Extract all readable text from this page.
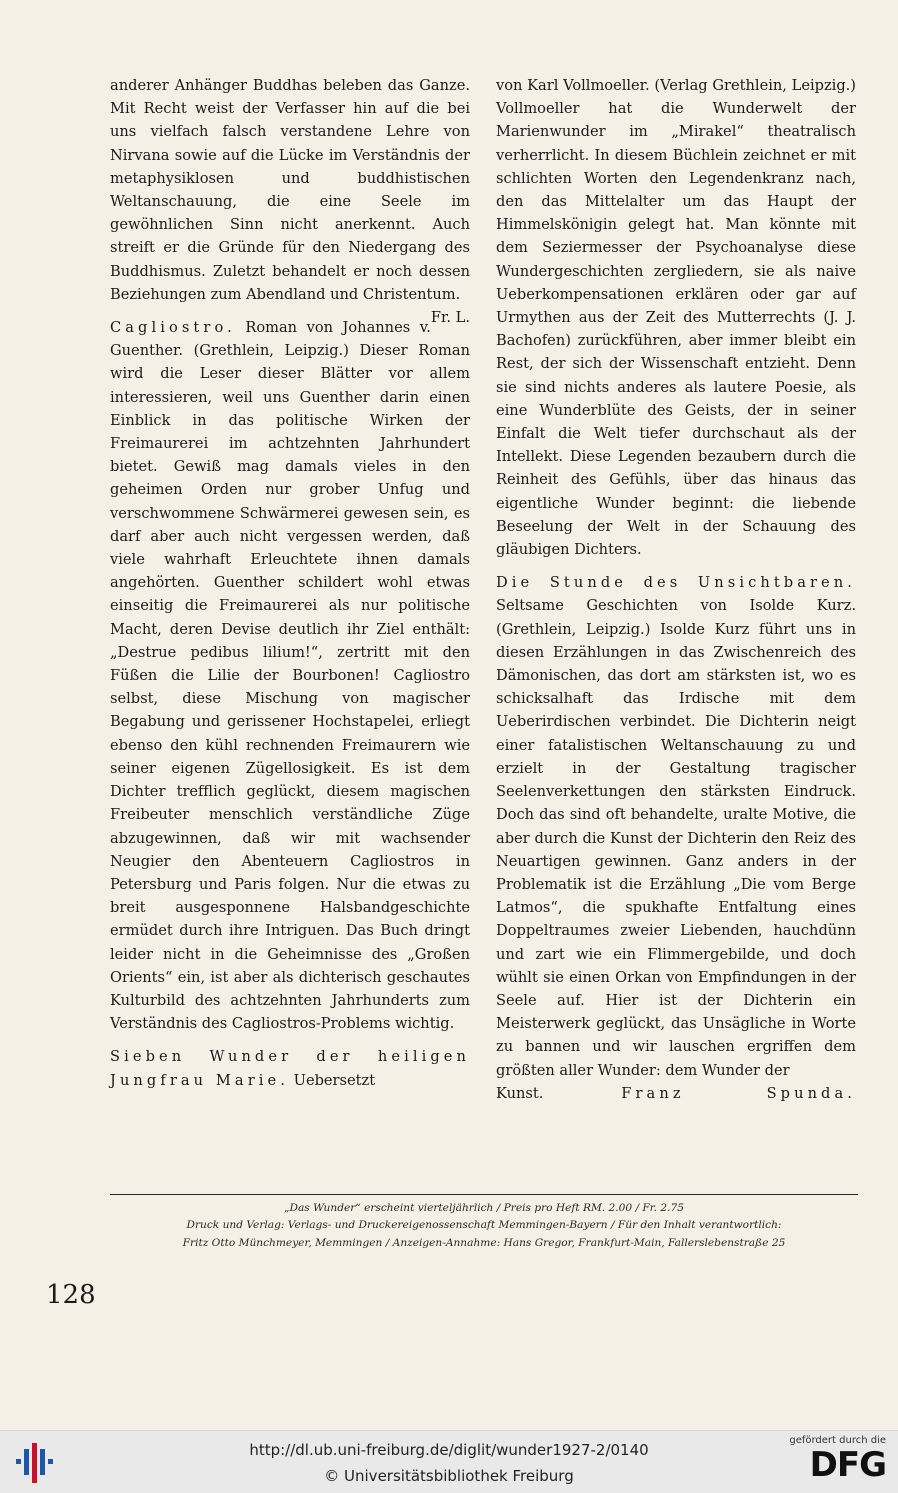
anderer Anhänger Buddhas beleben das Ganze. Mit Recht weist der Verfasser hin auf die bei uns vielfach falsch verstandene Lehre von Nirvana sowie auf die Lücke im Verständnis der metaphysiklosen und buddhistischen Weltanschauung, die eine Seele im gewöhnlichen Sinn nicht anerkennt. Auch streift er die Gründe für den Niedergang des Buddhismus. Zuletzt behandelt er noch dessen Beziehungen zum Abendland und Christentum.
Fr. L.

Cagliostro. Roman von Johannes v. Guenther. (Grethlein, Leipzig.) Dieser Roman wird die Leser dieser Blätter vor allem interessieren, weil uns Guenther darin einen Einblick in das politische Wirken der Freimaurerei im achtzehnten Jahrhundert bietet. Gewiß mag damals vieles in den geheimen Orden nur grober Unfug und verschwommene Schwärmerei gewesen sein, es darf aber auch nicht vergessen werden, daß viele wahrhaft Erleuchtete ihnen damals angehörten. Guenther schildert wohl etwas einseitig die Freimaurerei als nur politische Macht, deren Devise deutlich ihr Ziel enthält: „Destrue pedibus lilium!“, zertritt mit den Füßen die Lilie der Bourbonen! Cagliostro selbst, diese Mischung von magischer Begabung und gerissener Hochstapelei, erliegt ebenso den kühl rechnenden Freimaurern wie seiner eigenen Zügellosigkeit. Es ist dem Dichter trefflich geglückt, diesem magischen Freibeuter menschlich verständliche Züge abzugewinnen, daß wir mit wachsender Neugier den Abenteuern Cagliostros in Petersburg und Paris folgen. Nur die etwas zu breit ausgesponnene Halsbandgeschichte ermüdet durch ihre Intriguen. Das Buch dringt leider nicht in die Geheimnisse des „Großen Orients“ ein, ist aber als dichterisch geschautes Kulturbild des achtzehnten Jahrhunderts zum Verständnis des Cagliostros-Problems wichtig.

Sieben Wunder der heiligen Jungfrau Marie. Uebersetzt

von Karl Vollmoeller. (Verlag Grethlein, Leipzig.) Vollmoeller hat die Wunderwelt der Marienwunder im „Mirakel“ theatralisch verherrlicht. In diesem Büchlein zeichnet er mit schlichten Worten den Legendenkranz nach, den das Mittelalter um das Haupt der Himmelskönigin gelegt hat. Man könnte mit dem Seziermesser der Psychoanalyse diese Wundergeschichten zergliedern, sie als naive Ueberkompensationen erklären oder gar auf Urmythen aus der Zeit des Mutterrechts (J. J. Bachofen) zurückführen, aber immer bleibt ein Rest, der sich der Wissenschaft entzieht. Denn sie sind nichts anderes als lautere Poesie, als eine Wunderblüte des Geists, der in seiner Einfalt die Welt tiefer durchschaut als der Intellekt. Diese Legenden bezaubern durch die Reinheit des Gefühls, über das hinaus das eigentliche Wunder beginnt: die liebende Beseelung der Welt in der Schauung des gläubigen Dichters.

Die Stunde des Unsichtbaren. Seltsame Geschichten von Isolde Kurz. (Grethlein, Leipzig.) Isolde Kurz führt uns in diesen Erzählungen in das Zwischenreich des Dämonischen, das dort am stärksten ist, wo es schicksalhaft das Irdische mit dem Ueberirdischen verbindet. Die Dichterin neigt einer fatalistischen Weltanschauung zu und erzielt in der Gestaltung tragischer Seelenverkettungen den stärksten Eindruck. Doch das sind oft behandelte, uralte Motive, die aber durch die Kunst der Dichterin den Reiz des Neuartigen gewinnen. Ganz anders in der Problematik ist die Erzählung „Die vom Berge Latmos“, die spukhafte Entfaltung eines Doppeltraumes zweier Liebenden, hauchdünn und zart wie ein Flimmergebilde, und doch wühlt sie einen Orkan von Empfindungen in der Seele auf. Hier ist der Dichterin ein Meisterwerk geglückt, das Unsägliche in Worte zu bannen und wir lauschen ergriffen dem größten aller Wunder: dem Wunder der
Kunst.	Franz Spunda.

„Das Wunder“ erscheint vierteljährlich / Preis pro Heft RM. 2.00 / Fr. 2.75
Druck und Verlag: Verlags- und Druckereigenossenschaft Memmingen-Bayern / Für den Inhalt verantwortlich:
Fritz Otto Münchmeyer, Memmingen / Anzeigen-Annahme: Hans Gregor, Frankfurt-Main, Fallerslebenstraße 25
128
http://dl.ub.uni-freiburg.de/diglit/wunder1927-2/0140
© Universitätsbibliothek Freiburg
gefördert durch die
DFG
